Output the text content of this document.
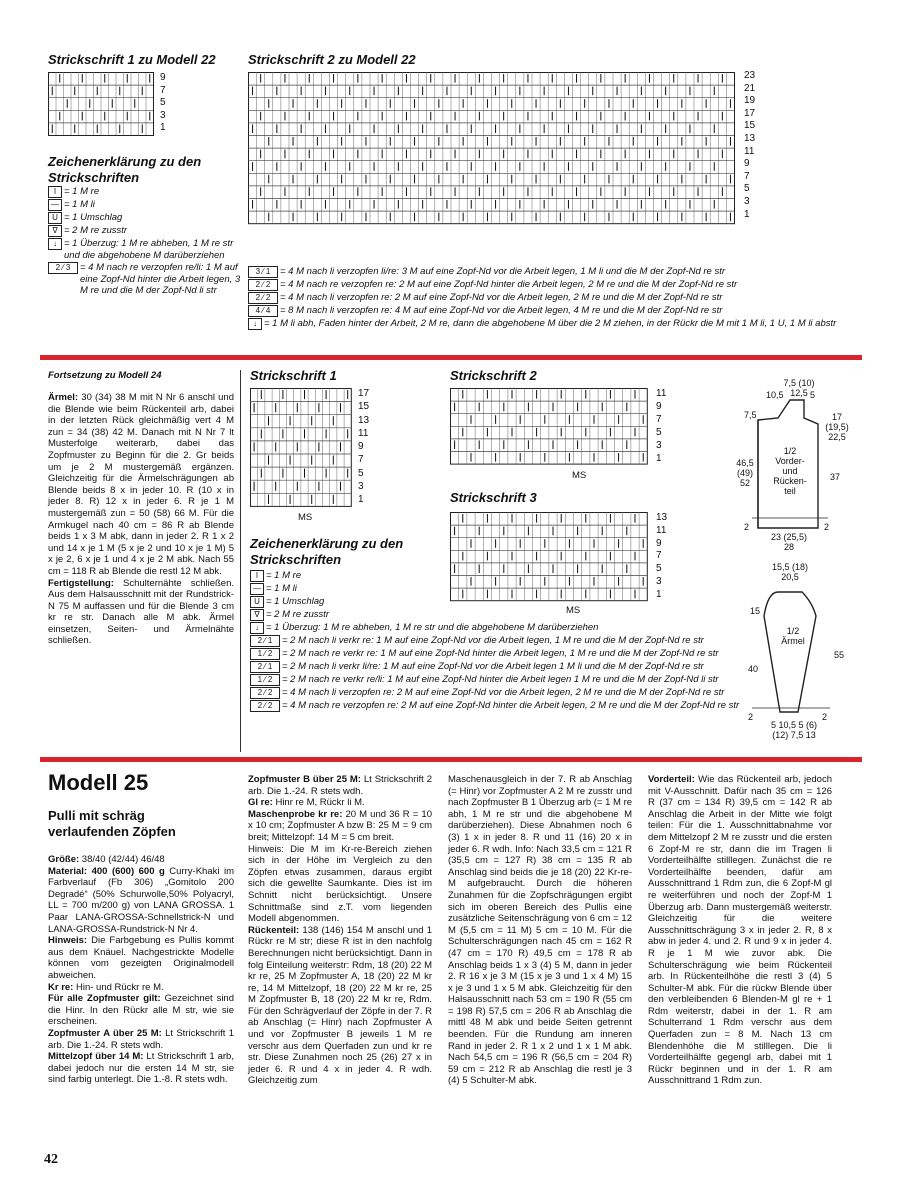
Strickschrift 1 zu Modell 22
9
7
5
3
1
Strickschrift 2 zu Modell 22
23
21
19
17
15
13
11
9
7
5
3
1
Zeichenerklärung zu den Strickschriften
I = 1 M re
— = 1 M li
U = 1 Umschlag
∇ = 2 M re zusstr
↓ = 1 Überzug: 1 M re abheben, 1 M re str und die abgehobene M darüberziehen
2 ⁄ 3	= 4 M nach re verzopfen re/li: 1 M auf eine Zopf-Nd hinter die Arbeit legen, 3 M re und die M der Zopf-Nd li str
3 ⁄ 1	= 4 M nach li verzopfen li/re: 3 M auf eine Zopf-Nd vor die Arbeit legen, 1 M li und die M der Zopf-Nd re str
2 ⁄ 2	= 4 M nach re verzopfen re: 2 M auf eine Zopf-Nd hinter die Arbeit legen, 2 M re und die M der Zopf-Nd re str
2 ⁄ 2	= 4 M nach li verzopfen re: 2 M auf eine Zopf-Nd vor die Arbeit legen, 2 M re und die M der Zopf-Nd re str
4 ⁄ 4	= 8 M nach li verzopfen re: 4 M auf eine Zopf-Nd vor die Arbeit legen, 4 M re und die M der Zopf-Nd re str
↓ = 1 M li abh, Faden hinter der Arbeit, 2 M re, dann die abgehobene M über die 2 M ziehen, in der Rückr die M mit 1 M li, 1 U, 1 M li abstr
Fortsetzung zu Modell 24

Ärmel: 30 (34) 38 M mit N Nr 6 anschl und die Blende wie beim Rückenteil arb, dabei in der letzten Rück gleichmäßig vert 4 M zun = 34 (38) 42 M. Danach mit N Nr 7 lt Musterfolge weiterarb, dabei das Zopfmuster zu Beginn für die 2. Gr beids um je 2 M mustergemäß ergänzen. Gleichzeitig für die Ärmelschrägungen ab Blende beids 8 x in jeder 10. R (10 x in jeder 8. R) 12 x in jeder 6. R je 1 M mustergemäß zun = 50 (58) 66 M. Für die Armkugel nach 40 cm = 86 R ab Blende beids 1 x 3 M abk, dann in jeder 2. R 1 x 2 und 14 x je 1 M (5 x je 2 und 10 x je 1 M) 5 x je 2, 6 x je 1 und 4 x je 2 M abk. Nach 55 cm = 118 R ab Blende die restl 12 M abk.

Fertigstellung: Schulternähte schließen. Aus dem Halsausschnitt mit der Rundstrick-N 75 M auffassen und für die Blende 3 cm kr re str. Danach alle M abk. Ärmel einsetzen, Seiten- und Ärmelnähte schließen.

Strickschrift 1
17
15
13
11
9
7
5
3
1
MS
Strickschrift 2
11
9
7
5
3
1
MS
Strickschrift 3
13
11
9
7
5
3
1
MS
Zeichenerklärung zu den Strickschriften
I = 1 M re
— = 1 M li
U = 1 Umschlag
∇ = 2 M re zusstr
↓ = 1 Überzug: 1 M re abheben, 1 M re str und die abgehobene M darüberziehen
2 ⁄ 1	= 2 M nach li verkr re: 1 M auf eine Zopf-Nd vor die Arbeit legen, 1 M re und die M der Zopf-Nd re str
1 ⁄ 2	= 2 M nach re verkr re: 1 M auf eine Zopf-Nd hinter die Arbeit legen, 1 M re und die M der Zopf-Nd re str
2 ⁄ 1	= 2 M nach li verkr li/re: 1 M auf eine Zopf-Nd vor die Arbeit legen 1 M li und die M der Zopf-Nd re str
1 ⁄ 2	= 2 M nach re verkr re/li: 1 M auf eine Zopf-Nd hinter die Arbeit legen 1 M re und die M der Zopf-Nd li str
2 ⁄ 2	= 4 M nach li verzopfen re: 2 M auf eine Zopf-Nd vor die Arbeit legen, 2 M re und die M der Zopf-Nd re str
2 ⁄ 2	= 4 M nach re verzopfen re: 2 M auf eine Zopf-Nd hinter die Arbeit legen, 2 M re und die M der Zopf-Nd re str
7,5 (10) 12,5
10,5	5
7,5	17 (19,5) 22,5
46,5 (49) 52
1/2 Vorder- und Rücken- teil
37
2	2
23 (25,5) 28
15,5 (18) 20,5
15
1/2 Ärmel
40
55
2	2
5 10,5 5 (6) (12) 7,5 13
Modell 25
Pulli mit schräg verlaufenden Zöpfen

Größe: 38/40 (42/44) 46/48

Material: 400 (600) 600 g Curry-Khaki im Farbverlauf (Fb 306) „Gomitolo 200 Degradé“ (50% Schurwolle,50% Polyacryl, LL = 700 m/200 g) von LANA GROSSA. 1 Paar LANA-GROSSA-Schnellstrick-N und LANA-GROSSA-Rundstrick-N Nr 4.

Hinweis: Die Farbgebung es Pullis kommt aus dem Knäuel. Nachgestrickte Modelle können vom gezeigten Originalmodell abweichen.

Kr re: Hin- und Rückr re M.

Für alle Zopfmuster gilt: Gezeichnet sind die Hinr. In den Rückr alle M str, wie sie erscheinen.

Zopfmuster A über 25 M: Lt Strickschrift 1 arb. Die 1.-24. R stets wdh.

Mittelzopf über 14 M: Lt Strickschrift 1 arb, dabei jedoch nur die ersten 14 M str, sie sind farbig unterlegt. Die 1.-8. R stets wdh.

Zopfmuster B über 25 M: Lt Strickschrift 2 arb. Die 1.-24. R stets wdh.

Gl re: Hinr re M, Rückr li M.

Maschenprobe kr re: 20 M und 36 R = 10 x 10 cm; Zopfmuster A bzw B: 25 M = 9 cm breit; Mittelzopf: 14 M = 5 cm breit.

Hinweis: Die M im Kr-re-Bereich ziehen sich in der Höhe im Vergleich zu den Zöpfen etwas zusammen, daraus ergibt sich die gewellte Saumkante. Dies ist im Schnitt nicht berücksichtigt. Unsere Schnittmaße sind z.T. vom liegenden Modell abgenommen.

Rückenteil: 138 (146) 154 M anschl und 1 Rückr re M str; diese R ist in den nachfolg Berechnungen nicht berücksichtigt. Dann in folg Einteilung weiterstr: Rdm, 18 (20) 22 M kr re, 25 M Zopfmuster A, 18 (20) 22 M kr re, 14 M Mittelzopf, 18 (20) 22 M kr re, 25 M Zopfmuster B, 18 (20) 22 M kr re, Rdm. Für den Schrägverlauf der Zöpfe in der 7. R ab Anschlag (= Hinr) nach Zopfmuster A und vor Zopfmuster B jeweils 1 M re verschr aus dem Querfaden zun und kr re str. Diese Zunahmen noch 25 (26) 27 x in jeder 6. R und 4 x in jeder 4. R wdh. Gleichzeitig zum

Maschenausgleich in der 7. R ab Anschlag (= Hinr) vor Zopfmuster A 2 M re zusstr und nach Zopfmuster B 1 Überzug arb (= 1 M re abh, 1 M re str und die abgehobene M darüberziehen). Diese Abnahmen noch 6 (3) 1 x in jeder 8. R und 11 (16) 20 x in jeder 6. R wdh. Info: Nach 33,5 cm = 121 R (35,5 cm = 127 R) 38 cm = 135 R ab Anschlag sind beids die je 18 (20) 22 Kr-re-M aufgebraucht. Durch die höheren Zunahmen für die Zopfschrägungen ergibt sich im oberen Bereich des Pullis eine zusätzliche Seitenschrägung von 6 cm = 12 M (5,5 cm = 11 M) 5 cm = 10 M. Für die Schulterschrägungen nach 45 cm = 162 R (47 cm = 170 R) 49,5 cm = 178 R ab Anschlag beids 1 x 3 (4) 5 M, dann in jeder 2. R 16 x je 3 M (15 x je 3 und 1 x 4 M) 15 x je 3 und 1 x 5 M abk. Gleichzeitig für den Halsausschnitt nach 53 cm = 190 R (55 cm = 198 R) 57,5 cm = 206 R ab Anschlag die mittl 48 M abk und beide Seiten getrennt beenden. Für die Rundung am inneren Rand in jeder 2. R 1 x 2 und 1 x 1 M abk. Nach 54,5 cm = 196 R (56,5 cm = 204 R) 59 cm = 212 R ab Anschlag die restl je 3 (4) 5 Schulter-M abk.

Vorderteil: Wie das Rückenteil arb, jedoch mit V-Ausschnitt. Dafür nach 35 cm = 126 R (37 cm = 134 R) 39,5 cm = 142 R ab Anschlag die Arbeit in der Mitte wie folgt teilen: Für die 1. Ausschnittabnahme vor dem Mittelzopf 2 M re zusstr und die ersten 6 Zopf-M re str, dann die im Tragen li Vorderteilhälfte stilllegen. Zunächst die re Vorderteilhälfte beenden, dafür am Ausschnittrand 1 Rdm zun, die 6 Zopf-M gl re weiterführen und noch der Zopf-M 1 Überzug arb. Dann mustergemäß weiterstr. Gleichzeitig für die weitere Ausschnittschrägung 3 x in jeder 2. R, 8 x abw in jeder 4. und 2. R und 9 x in jeder 4. R je 1 M wie zuvor abk. Die Schulterschrägung wie beim Rückenteil arb. In Rückenteilhöhe die restl 3 (4) 5 Schulter-M abk. Für die rückw Blende über den verbleibenden 6 Blenden-M gl re + 1 Rdm weiterstr, dabei in der 1. R am Schulterrand 1 Rdm verschr aus dem Querfaden zun = 8 M. Nach 13 cm Blendenhöhe die M stilllegen. Die li Vorderteilhälfte gegengl arb, dabei mit 1 Rückr beginnen und in der 1. R am Ausschnittrand 1 Rdm zun.

42
